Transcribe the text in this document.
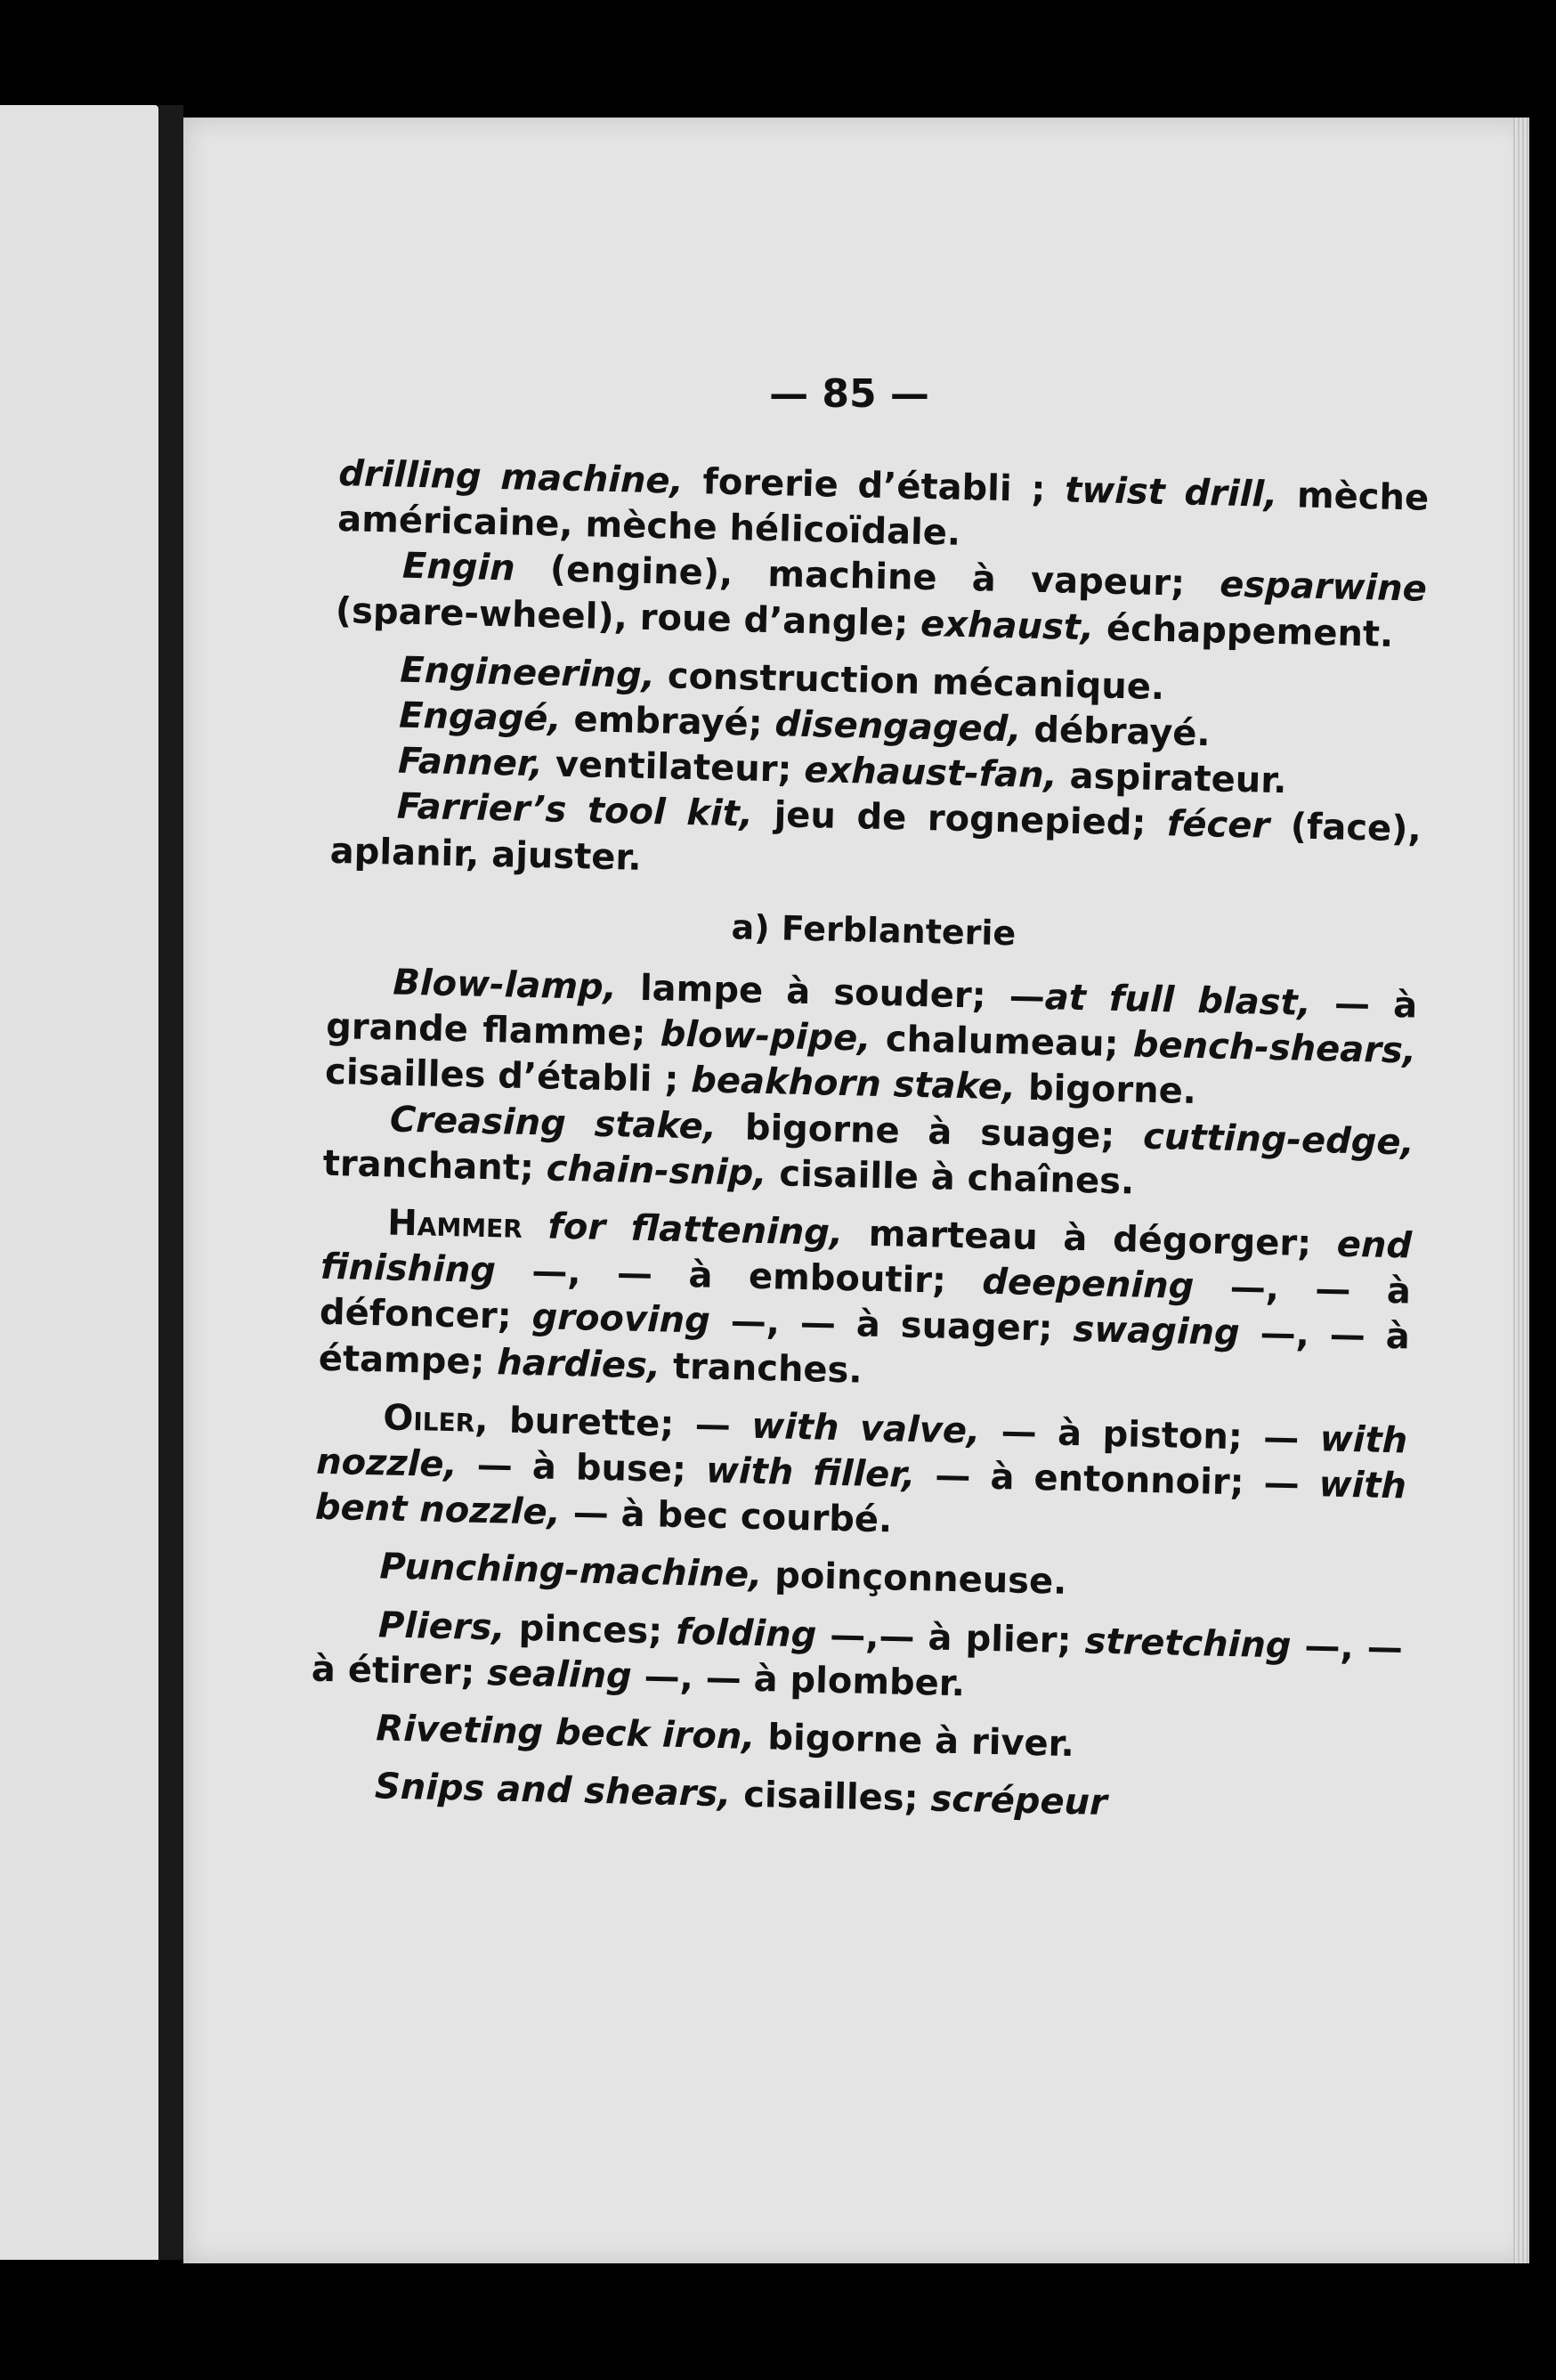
— 85 —

drilling machine, forerie d’établi ; twist drill, mèche américaine, mèche hélicoïdale.

Engin (engine), machine à vapeur; esparwine (spare-wheel), roue d’angle; exhaust, échappement.

Engineering, construction mécanique.

Engagé, embrayé; disengaged, débrayé.

Fanner, ventilateur; exhaust-fan, aspirateur.

Farrier’s tool kit, jeu de rognepied; fécer (face), aplanir, ajuster.

a) Ferblanterie

Blow-lamp, lampe à souder; —at full blast, — à grande flamme; blow-pipe, chalumeau; bench-shears, cisailles d’établi ; beakhorn stake, bigorne.

Creasing stake, bigorne à suage; cutting-edge, tranchant; chain-snip, cisaille à chaînes.

Hammer for flattening, marteau à dégorger; end finishing —, — à emboutir; deepening —, — à défoncer; grooving —, — à suager; swaging —, — à étampe; hardies, tranches.

Oiler, burette; — with valve, — à piston; — with nozzle, — à buse; with filler, — à entonnoir; — with bent nozzle, — à bec courbé.

Punching-machine, poinçonneuse.

Pliers, pinces; folding —,— à plier; stretching —, — à étirer; sealing —, — à plomber.

Riveting beck iron, bigorne à river.

Snips and shears, cisailles; scrépeur
